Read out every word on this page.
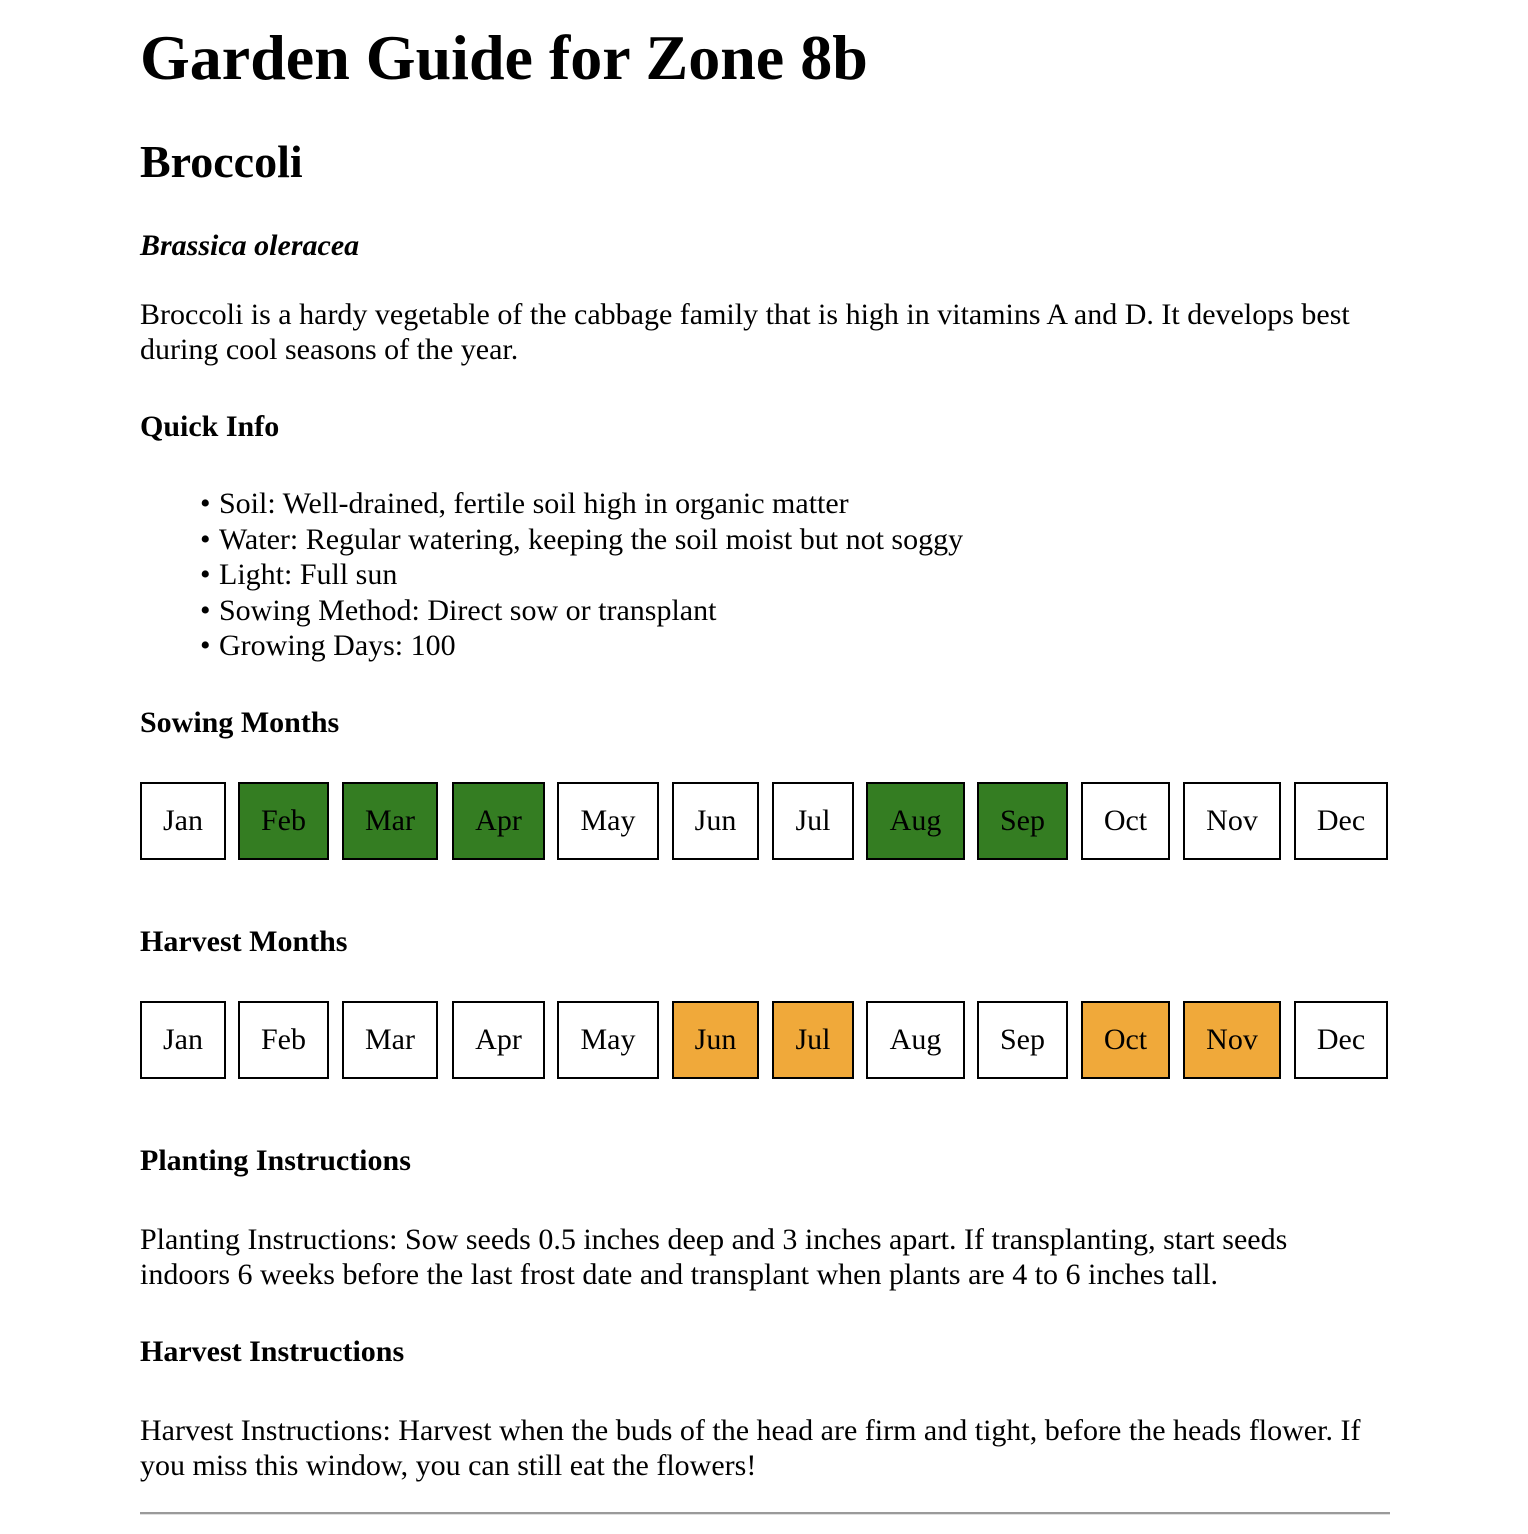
Garden Guide for Zone 8b
Broccoli

Brassica oleracea

Broccoli is a hardy vegetable of the cabbage family that is high in vitamins A and D. It develops best during cool seasons of the year.

Quick Info
• Soil: Well-drained, fertile soil high in organic matter
• Water: Regular watering, keeping the soil moist but not soggy
• Light: Full sun
• Sowing Method: Direct sow or transplant
• Growing Days: 100
Sowing Months
Jan	Feb	Mar	Apr	May	Jun	Jul	Aug	Sep	Oct	Nov	Dec
Harvest Months
Jan	Feb	Mar	Apr	May	Jun	Jul	Aug	Sep	Oct	Nov	Dec
Planting Instructions

Planting Instructions: Sow seeds 0.5 inches deep and 3 inches apart. If transplanting, start seeds indoors 6 weeks before the last frost date and transplant when plants are 4 to 6 inches tall.

Harvest Instructions

Harvest Instructions: Harvest when the buds of the head are firm and tight, before the heads flower. If you miss this window, you can still eat the flowers!
